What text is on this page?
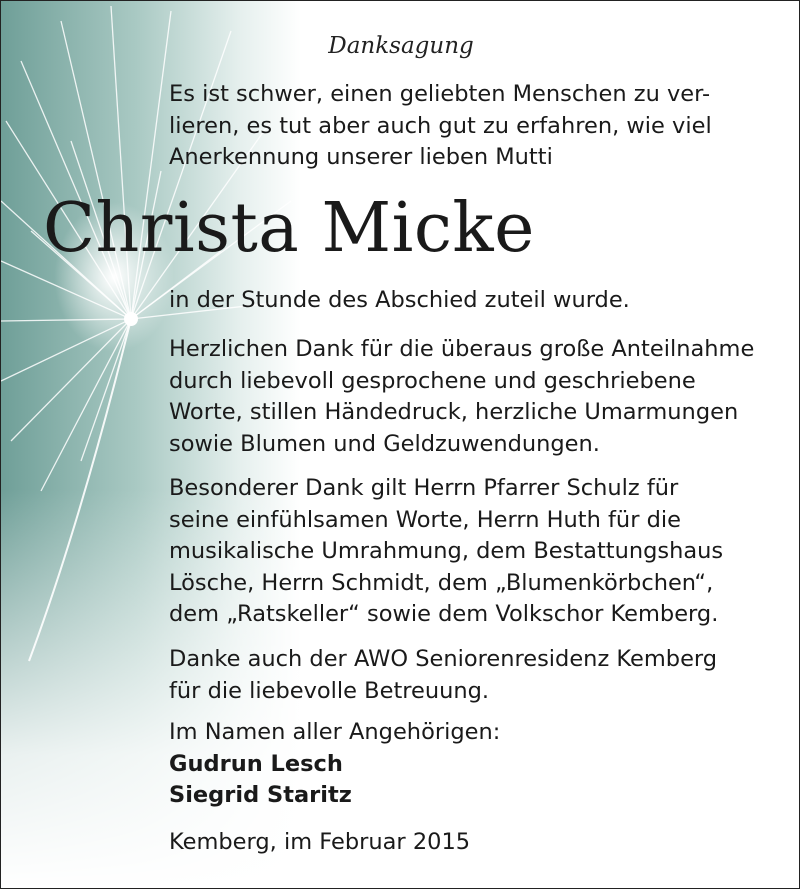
Danksagung
Es ist schwer, einen geliebten Menschen zu ver-
lieren, es tut aber auch gut zu erfahren, wie viel
Anerkennung unserer lieben Mutti
Christa Micke
in der Stunde des Abschied zuteil wurde.
Herzlichen Dank für die überaus große Anteilnahme
durch liebevoll gesprochene und geschriebene
Worte, stillen Händedruck, herzliche Umarmungen
sowie Blumen und Geldzuwendungen.
Besonderer Dank gilt Herrn Pfarrer Schulz für
seine einfühlsamen Worte, Herrn Huth für die
musikalische Umrahmung, dem Bestattungshaus
Lösche, Herrn Schmidt, dem „Blumenkörbchen“,
dem „Ratskeller“ sowie dem Volkschor Kemberg.
Danke auch der AWO Seniorenresidenz Kemberg
für die liebevolle Betreuung.
Im Namen aller Angehörigen:
Gudrun Lesch
Siegrid Staritz
Kemberg, im Februar 2015
